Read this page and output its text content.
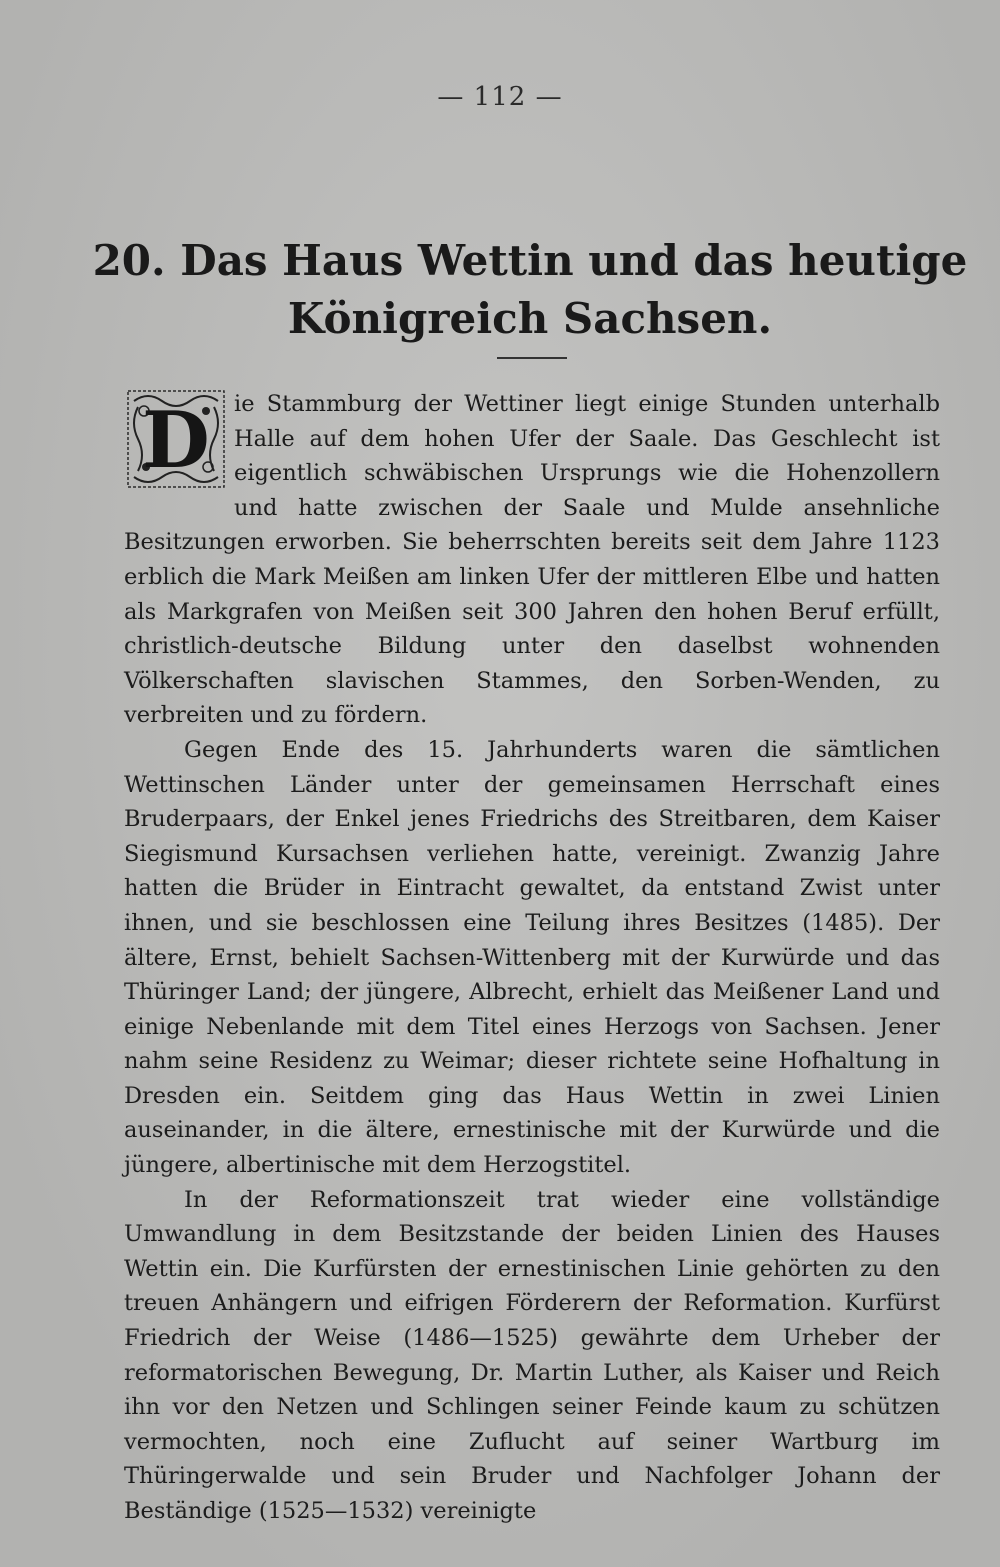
— 112 —
20. Das Haus Wettin und das heutige
Königreich Sachsen.

D ie Stammburg der Wettiner liegt einige Stunden unterhalb Halle auf dem hohen Ufer der Saale. Das Geschlecht ist eigentlich schwäbischen Ursprungs wie die Hohenzollern und hatte zwischen der Saale und Mulde ansehnliche Besitzungen erworben. Sie beherrschten bereits seit dem Jahre 1123 erblich die Mark Meißen am linken Ufer der mittleren Elbe und hatten als Markgrafen von Meißen seit 300 Jahren den hohen Beruf erfüllt, christlich-deutsche Bildung unter den daselbst wohnenden Völkerschaften slavischen Stammes, den Sorben-Wenden, zu verbreiten und zu fördern.

Gegen Ende des 15. Jahrhunderts waren die sämtlichen Wettinschen Länder unter der gemeinsamen Herrschaft eines Bruderpaars, der Enkel jenes Friedrichs des Streitbaren, dem Kaiser Siegismund Kursachsen verliehen hatte, vereinigt. Zwanzig Jahre hatten die Brüder in Eintracht gewaltet, da entstand Zwist unter ihnen, und sie beschlossen eine Teilung ihres Besitzes (1485). Der ältere, Ernst, behielt Sachsen-Wittenberg mit der Kurwürde und das Thüringer Land; der jüngere, Albrecht, erhielt das Meißener Land und einige Nebenlande mit dem Titel eines Herzogs von Sachsen. Jener nahm seine Residenz zu Weimar; dieser richtete seine Hofhaltung in Dresden ein. Seitdem ging das Haus Wettin in zwei Linien auseinander, in die ältere, ernestinische mit der Kurwürde und die jüngere, albertinische mit dem Herzogstitel.

In der Reformationszeit trat wieder eine vollständige Umwandlung in dem Besitzstande der beiden Linien des Hauses Wettin ein. Die Kurfürsten der ernestinischen Linie gehörten zu den treuen Anhängern und eifrigen Förderern der Reformation. Kurfürst Friedrich der Weise (1486—1525) gewährte dem Urheber der reformatorischen Bewegung, Dr. Martin Luther, als Kaiser und Reich ihn vor den Netzen und Schlingen seiner Feinde kaum zu schützen vermochten, noch eine Zuflucht auf seiner Wartburg im Thüringerwalde und sein Bruder und Nachfolger Johann der Beständige (1525—1532) vereinigte
